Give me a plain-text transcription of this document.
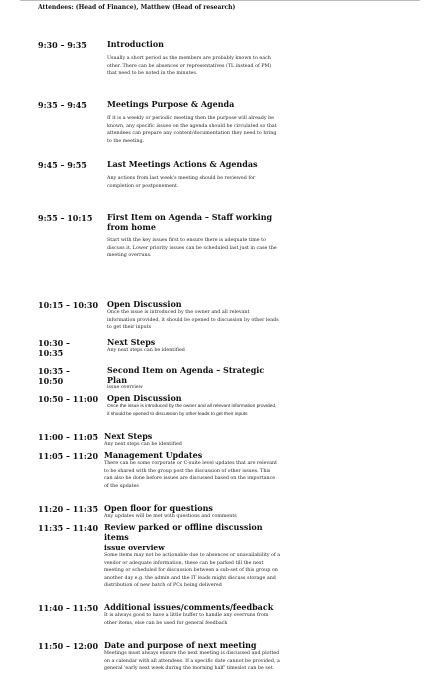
Attendees: (Head of Finance), Matthew (Head of research)
9:30 – 9:35	Introduction
Usually a short period as the members are probably known to each other. There can be absences or representatives (TL instead of PM) that need to be noted in the minutes.
9:35 – 9:45	Meetings Purpose & Agenda
If it is a weekly or periodic meeting then the purpose will already be known, any specific issues on the agenda should be circulated so that attendees can prepare any content/documentation they need to bring to the meeting.
9:45 – 9:55	Last Meetings Actions & Agendas
Any actions from last week's meeting should be reviewed for completion or postponement.
9:55 – 10:15 First Item on Agenda – Staff working from home
Start with the key issues first to ensure there is adequate time to discuss it. Lower priority issues can be scheduled last just in case the meeting overruns.
10:15 – 10:30 Open Discussion
Once the issue is introduced by the owner and all relevant information provided, it should be opened to discussion by other leads to get their inputs
10:30 – 10:35
Next Steps
Any next steps can be identified
10:35 – 10:50
Second Item on Agenda – Strategic Plan
issue overview
10:50 – 11:00 Open Discussion
Once the issue is introduced by the owner and all relevant information provided, it should be opened to discussion by other leads to get their inputs
11:00 – 11:05 Next Steps
Any next steps can be identified
11:05 – 11:20 Management Updates
There can be some corporate or C-suite level updates that are relevant to be shared with the group post the discussion of other issues. This can also be done before issues are discussed based on the importance of the updates
11:20 – 11:35 Open floor for questions
Any updates will be met with questions and comments
11:35 – 11:40 Review parked or offline discussion items
issue overview
Some items may not be actionable due to absences or unavailability of a vendor or adequate information, these can be parked till the next meeting or scheduled for discussion between a sub-set of this group on another day e.g. the admin and the IT leads might discuss storage and distribution of new batch of PCs being delivered
11:40 – 11:50 Additional issues/comments/feedback
It is always good to have a little buffer to handle any overruns from other items, else can be used for general feedback
11:50 – 12:00 Date and purpose of next meeting
Meetings must always ensure the next meeting is discussed and plotted on a calendar with all attendees. If a specific date cannot be provided, a general 'early next week during the morning half' timeslot can be set.
